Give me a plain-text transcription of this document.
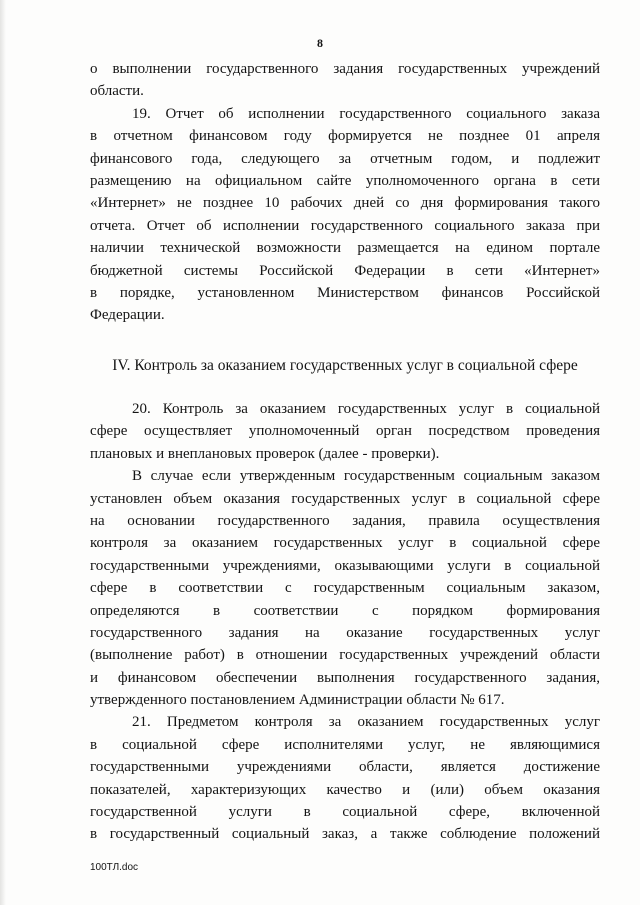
8
о выполнении государственного задания государственных учреждений
области.
19. Отчет об исполнении государственного социального заказа
в отчетном финансовом году формируется не позднее 01 апреля
финансового года, следующего за отчетным годом, и подлежит
размещению на официальном сайте уполномоченного органа в сети
«Интернет» не позднее 10 рабочих дней со дня формирования такого
отчета. Отчет об исполнении государственного социального заказа при
наличии технической возможности размещается на едином портале
бюджетной системы Российской Федерации в сети «Интернет»
в порядке, установленном Министерством финансов Российской
Федерации.
IV. Контроль за оказанием государственных услуг в социальной сфере
20. Контроль за оказанием государственных услуг в социальной
сфере осуществляет уполномоченный орган посредством проведения
плановых и внеплановых проверок (далее - проверки).
В случае если утвержденным государственным социальным заказом
установлен объем оказания государственных услуг в социальной сфере
на основании государственного задания, правила осуществления
контроля за оказанием государственных услуг в социальной сфере
государственными учреждениями, оказывающими услуги в социальной
сфере в соответствии с государственным социальным заказом,
определяются в соответствии с порядком формирования
государственного задания на оказание государственных услуг
(выполнение работ) в отношении государственных учреждений области
и финансовом обеспечении выполнения государственного задания,
утвержденного постановлением Администрации области № 617.
21. Предметом контроля за оказанием государственных услуг
в социальной сфере исполнителями услуг, не являющимися
государственными учреждениями области, является достижение
показателей, характеризующих качество и (или) объем оказания
государственной услуги в социальной сфере, включенной
в государственный социальный заказ, а также соблюдение положений
100ТЛ.doc
